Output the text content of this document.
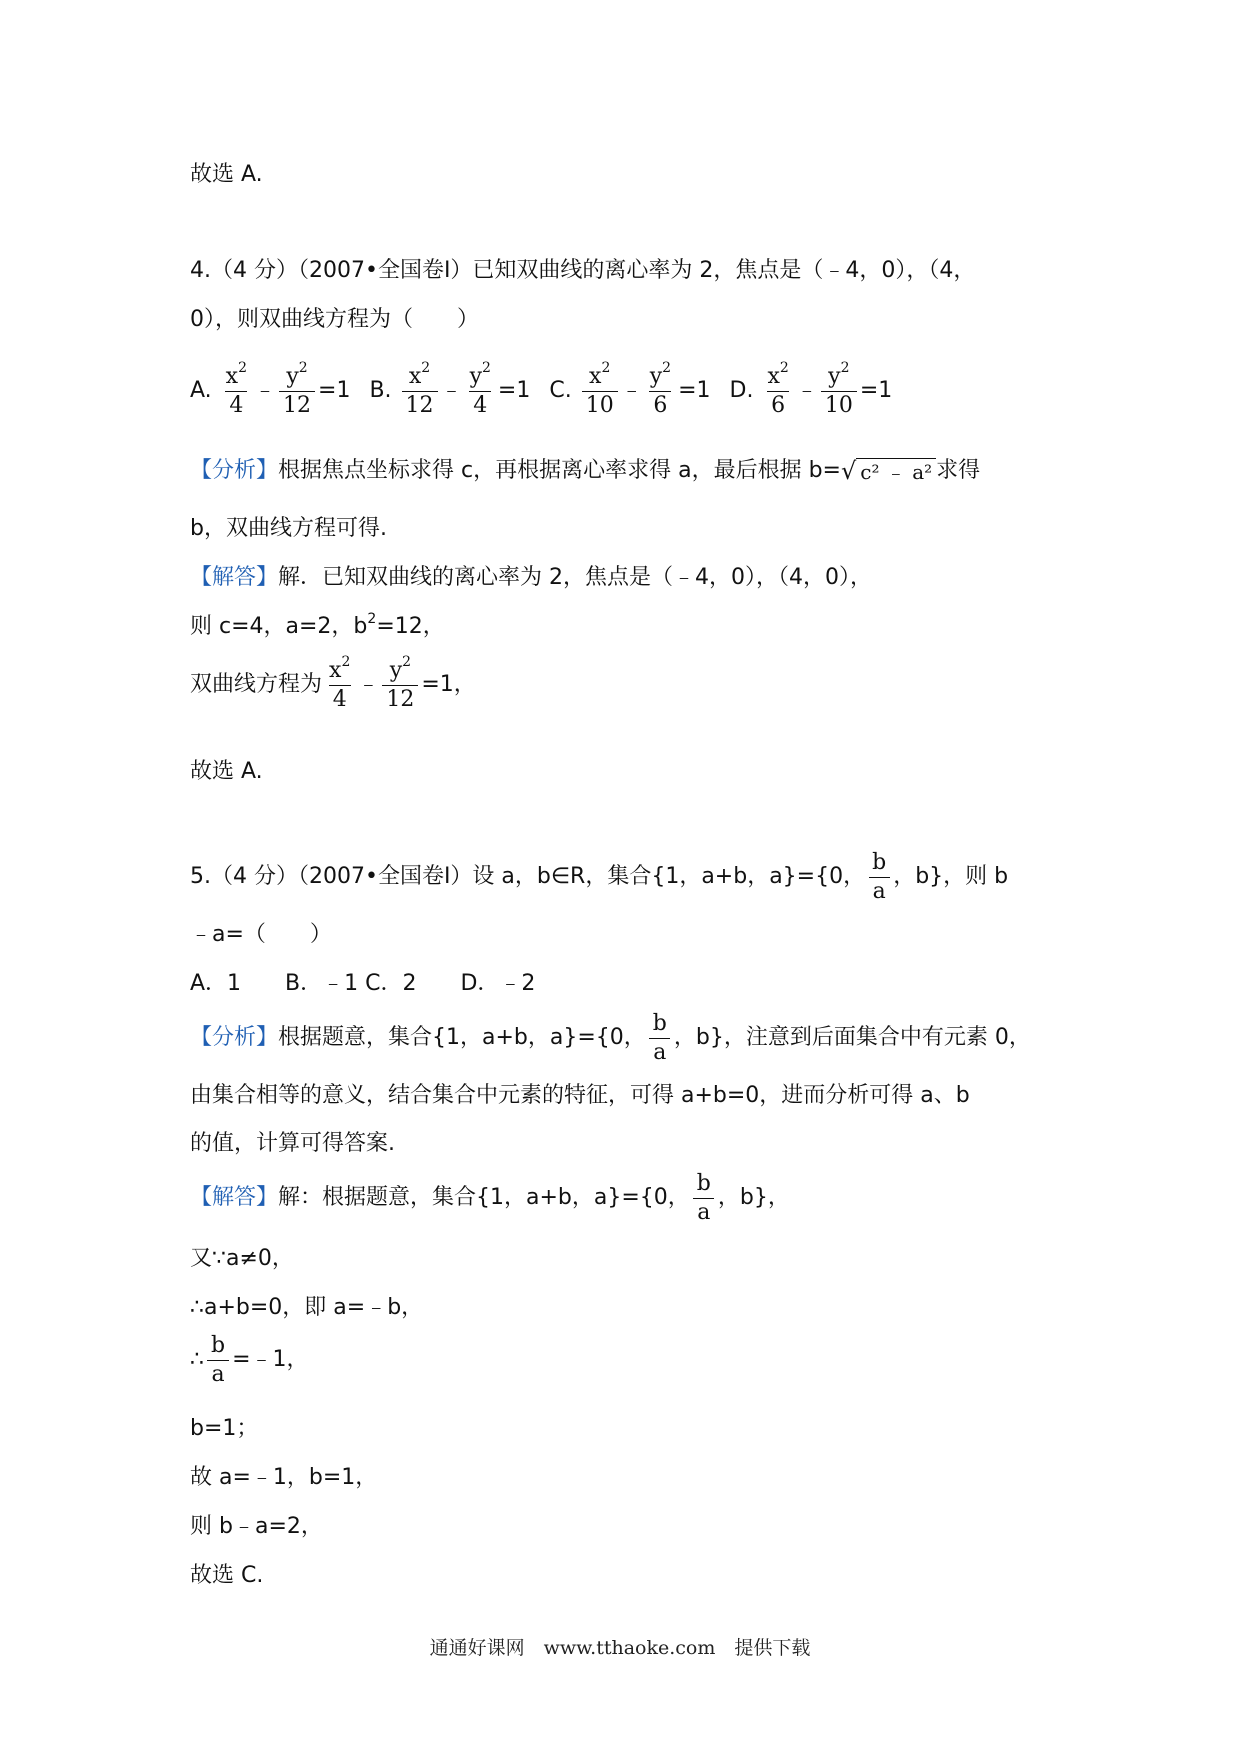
故选 A.
4.（4 分）（2007•全国卷Ⅰ）已知双曲线的离心率为 2，焦点是（﹣4，0），（4，
0），则双曲线方程为（　　）
A. $\frac{x^2}{4}$ ﹣ $\frac{y^2}{12} =1$ B. $\frac{x^2}{12}$ ﹣ $\frac{y^2}{4} =1$ C. $\frac{x^2}{10}$ ﹣ $\frac{y^2}{6} =1$ D. $\frac{x^2}{6}$ ﹣ $\frac{y^2}{10} =1$
【分析】根据焦点坐标求得 c，再根据离心率求得 a，最后根据 b=√ c² ﹣ a² 求得
b，双曲线方程可得.
【解答】解．已知双曲线的离心率为 2，焦点是（﹣4，0），（4，0），
则 c=4，a=2，$b^2=12$，
双曲线方程为 $\frac{x^2}{4}$ ﹣ $\frac{y^2}{12} =1$，
故选 A.
5.（4 分）（2007•全国卷Ⅰ）设 a，b∈R，集合{1，a+b，a}={0， $\frac{b}{a}$ ，b}，则 b
﹣a=（　　）
A．1　　B．﹣1 C．2　　D．﹣2
【分析】根据题意，集合{1，a+b，a}={0， $\frac{b}{a}$ ，b}，注意到后面集合中有元素 0，
由集合相等的意义，结合集合中元素的特征，可得 a+b=0，进而分析可得 a、b
的值，计算可得答案.
【解答】解：根据题意，集合{1，a+b，a}={0， $\frac{b}{a}$ ，b}，
又∵a≠0，
∴a+b=0，即 a=﹣b，
∴ $\frac{b}{a}$ =﹣1，
b=1；
故 a=﹣1，b=1，
则 b﹣a=2，
故选 C.
通通好课网　www.tthaoke.com　提供下载
